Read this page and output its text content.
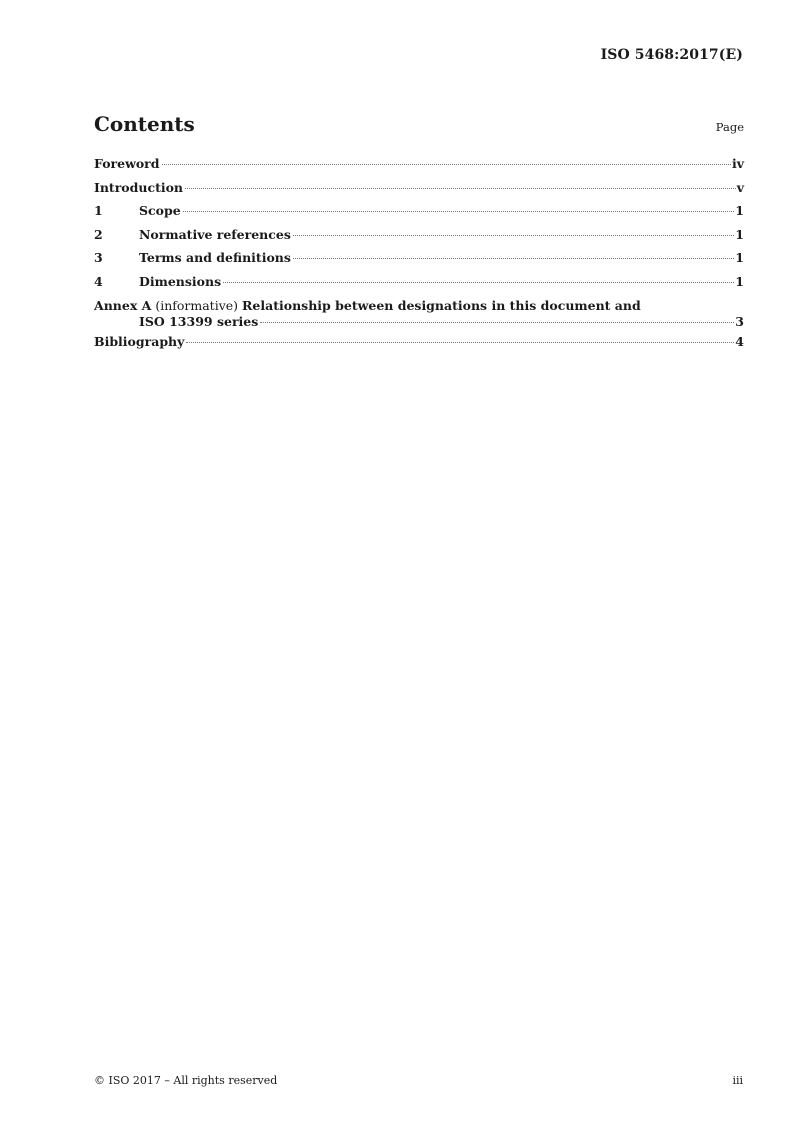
ISO 5468:2017(E)
Contents	Page
Foreword	iv
Introduction	v
1	Scope	1
2	Normative references	1
3	Terms and definitions	1
4	Dimensions	1
Annex A (informative) Relationship between designations in this document and
ISO 13399 series	3
Bibliography	4
© ISO 2017 – All rights reserved	iii
